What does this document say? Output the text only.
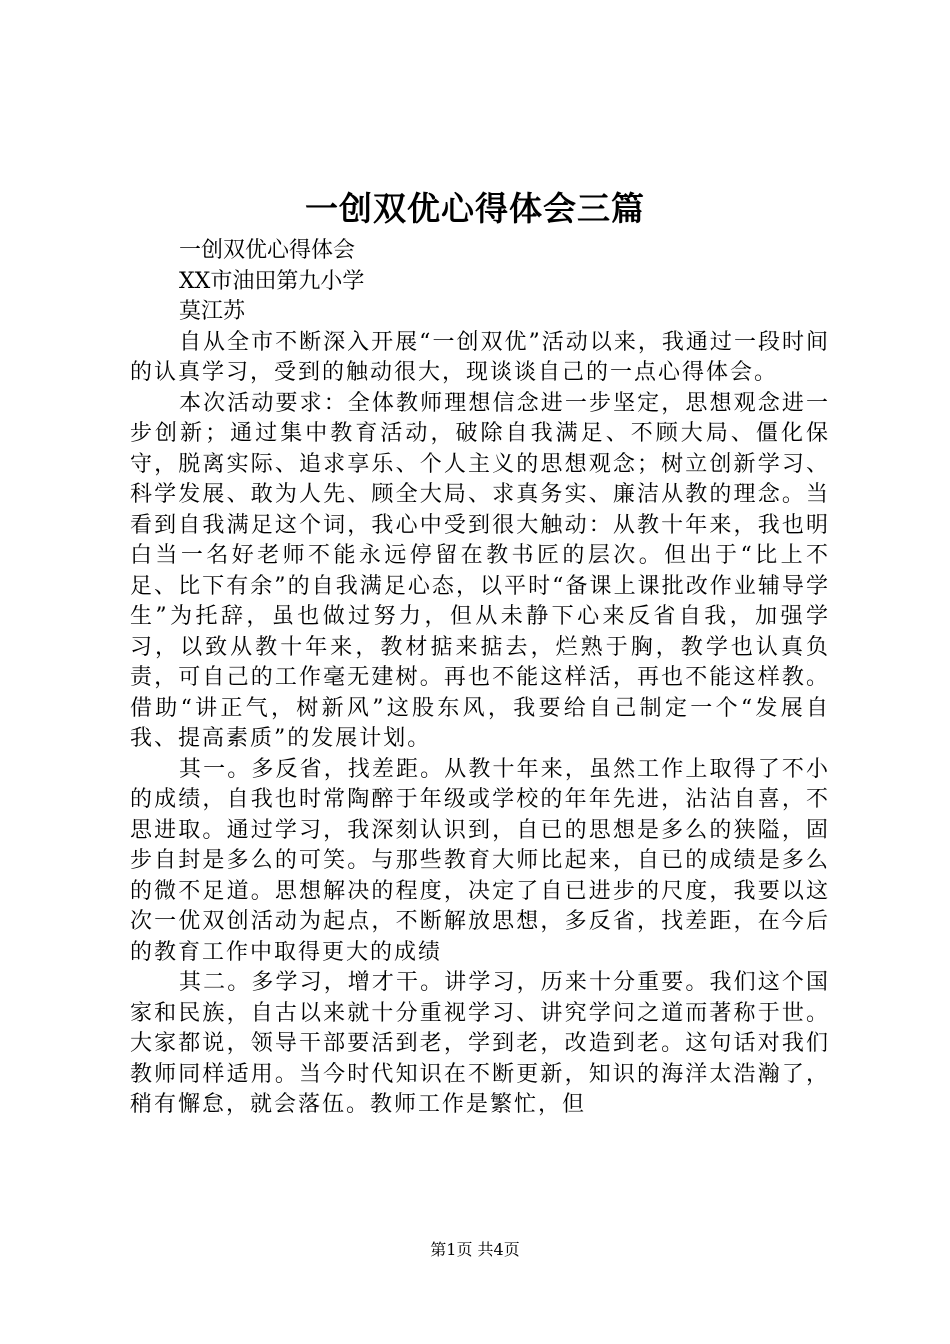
一创双优心得体会三篇

一创双优心得体会

XX市油田第九小学

莫江苏

自从全市不断深入开展“一创双优”活动以来，我通过一段时间的认真学习，受到的触动很大，现谈谈自己的一点心得体会。

本次活动要求：全体教师理想信念进一步坚定，思想观念进一步创新；通过集中教育活动，破除自我满足、不顾大局、僵化保守，脱离实际、追求享乐、个人主义的思想观念；树立创新学习、科学发展、敢为人先、顾全大局、求真务实、廉洁从教的理念。当看到自我满足这个词，我心中受到很大触动：从教十年来，我也明白当一名好老师不能永远停留在教书匠的层次。但出于“比上不足、比下有余”的自我满足心态，以平时“备课上课批改作业辅导学生”为托辞，虽也做过努力，但从未静下心来反省自我，加强学习，以致从教十年来，教材掂来掂去，烂熟于胸，教学也认真负责，可自己的工作毫无建树。再也不能这样活，再也不能这样教。借助“讲正气，树新风”这股东风，我要给自己制定一个“发展自我、提高素质”的发展计划。

其一。多反省，找差距。从教十年来，虽然工作上取得了不小的成绩，自我也时常陶醉于年级或学校的年年先进，沾沾自喜，不思进取。通过学习，我深刻认识到，自已的思想是多么的狭隘，固步自封是多么的可笑。与那些教育大师比起来，自已的成绩是多么的微不足道。思想解决的程度，决定了自已进步的尺度，我要以这次一优双创活动为起点，不断解放思想，多反省，找差距，在今后的教育工作中取得更大的成绩

其二。多学习，增才干。讲学习，历来十分重要。我们这个国家和民族，自古以来就十分重视学习、讲究学问之道而著称于世。大家都说，领导干部要活到老，学到老，改造到老。这句话对我们教师同样适用。当今时代知识在不断更新，知识的海洋太浩瀚了，稍有懈怠，就会落伍。教师工作是繁忙，但

第1页 共4页
